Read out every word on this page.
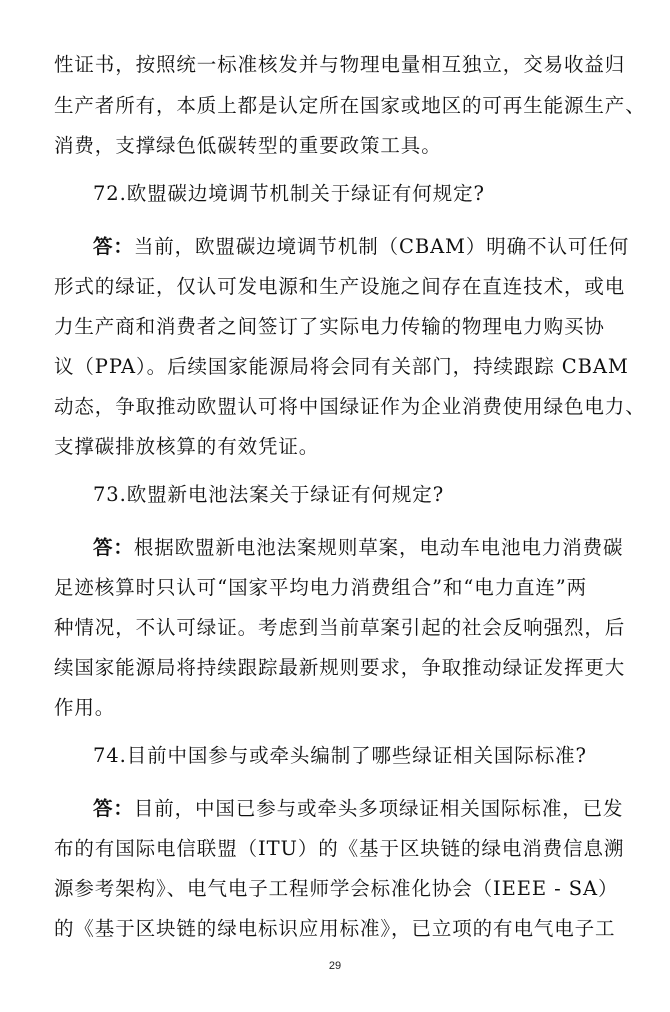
性证书，按照统一标准核发并与物理电量相互独立，交易收益归
生产者所有，本质上都是认定所在国家或地区的可再生能源生产、
消费，支撑绿色低碳转型的重要政策工具。
72.欧盟碳边境调节机制关于绿证有何规定?
答：当前，欧盟碳边境调节机制（CBAM）明确不认可任何
形式的绿证，仅认可发电源和生产设施之间存在直连技术，或电
力生产商和消费者之间签订了实际电力传输的物理电力购买协
议（PPA）。后续国家能源局将会同有关部门，持续跟踪 CBAM
动态，争取推动欧盟认可将中国绿证作为企业消费使用绿色电力、
支撑碳排放核算的有效凭证。
73.欧盟新电池法案关于绿证有何规定?
答：根据欧盟新电池法案规则草案，电动车电池电力消费碳
足迹核算时只认可“国家平均电力消费组合”和“电力直连”两
种情况，不认可绿证。考虑到当前草案引起的社会反响强烈，后
续国家能源局将持续跟踪最新规则要求，争取推动绿证发挥更大
作用。
74.目前中国参与或牵头编制了哪些绿证相关国际标准?
答：目前，中国已参与或牵头多项绿证相关国际标准，已发
布的有国际电信联盟（ITU）的《基于区块链的绿电消费信息溯
源参考架构》、电气电子工程师学会标准化协会（IEEE - SA）
的《基于区块链的绿电标识应用标准》，已立项的有电气电子工
29
